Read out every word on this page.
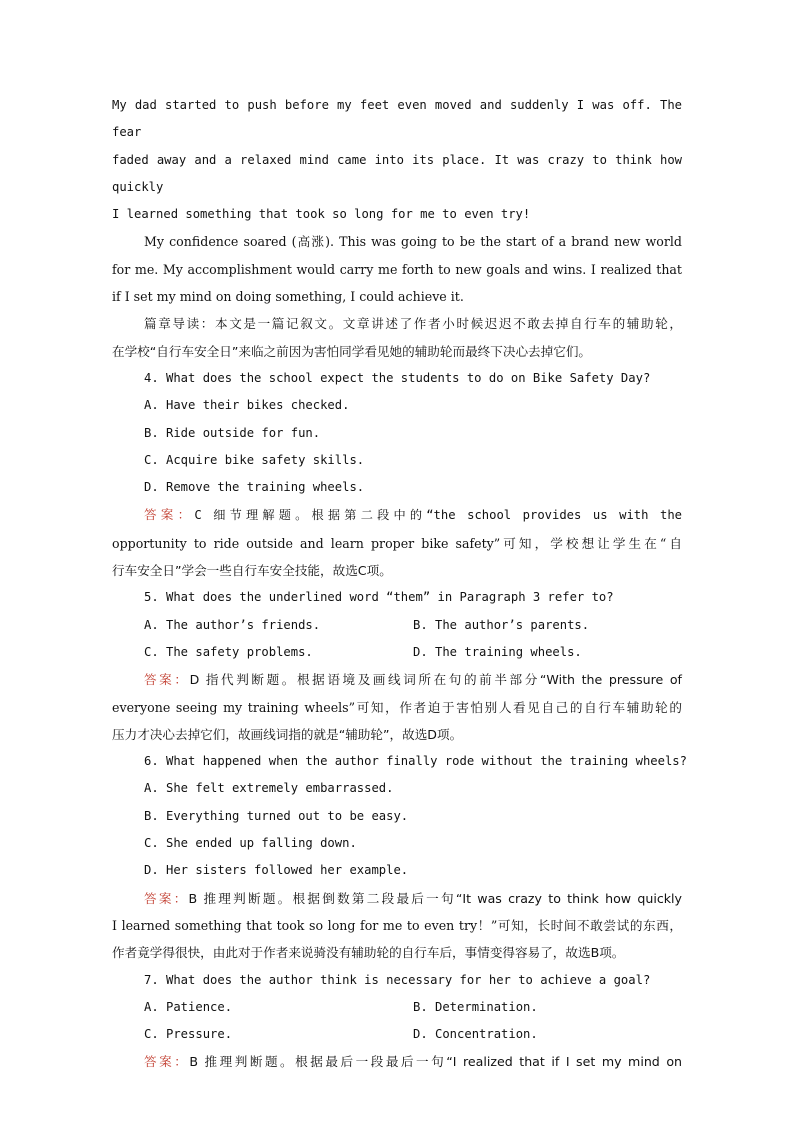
My dad started to push before my feet even moved and suddenly I was off. The fear
faded away and a relaxed mind came into its place. It was crazy to think how quickly
I learned something that took so long for me to even try!
My confidence soared (高涨). This was going to be the start of a brand new world
for me. My accomplishment would carry me forth to new goals and wins. I realized that
if I set my mind on doing something, I could achieve it.
篇章导读：本文是一篇记叙文。文章讲述了作者小时候迟迟不敢去掉自行车的辅助轮，
在学校“自行车安全日”来临之前因为害怕同学看见她的辅助轮而最终下决心去掉它们。
4. What does the school expect the students to do on Bike Safety Day?
A. Have their bikes checked.
B. Ride outside for fun.
C. Acquire bike safety skills.
D. Remove the training wheels.
答案：C 细节理解题。根据第二段中的“the school provides us with the
opportunity to ride outside and learn proper bike safety”可知，学校想让学生在“自
行车安全日”学会一些自行车安全技能，故选C项。
5. What does the underlined word “them” in Paragraph 3 refer to?
A. The author’s friends.	B. The author’s parents.
C. The safety problems.	D. The training wheels.
答案：D 指代判断题。根据语境及画线词所在句的前半部分“With the pressure of
everyone seeing my training wheels”可知，作者迫于害怕别人看见自己的自行车辅助轮的
压力才决心去掉它们，故画线词指的就是“辅助轮”，故选D项。
6. What happened when the author finally rode without the training wheels?
A. She felt extremely embarrassed.
B. Everything turned out to be easy.
C. She ended up falling down.
D. Her sisters followed her example.
答案：B 推理判断题。根据倒数第二段最后一句“It was crazy to think how quickly
I learned something that took so long for me to even try！”可知，长时间不敢尝试的东西，
作者竟学得很快，由此对于作者来说骑没有辅助轮的自行车后，事情变得容易了，故选B项。
7. What does the author think is necessary for her to achieve a goal?
A. Patience.	B. Determination.
C. Pressure.	D. Concentration.
答案：B 推理判断题。根据最后一段最后一句“I realized that if I set my mind on
